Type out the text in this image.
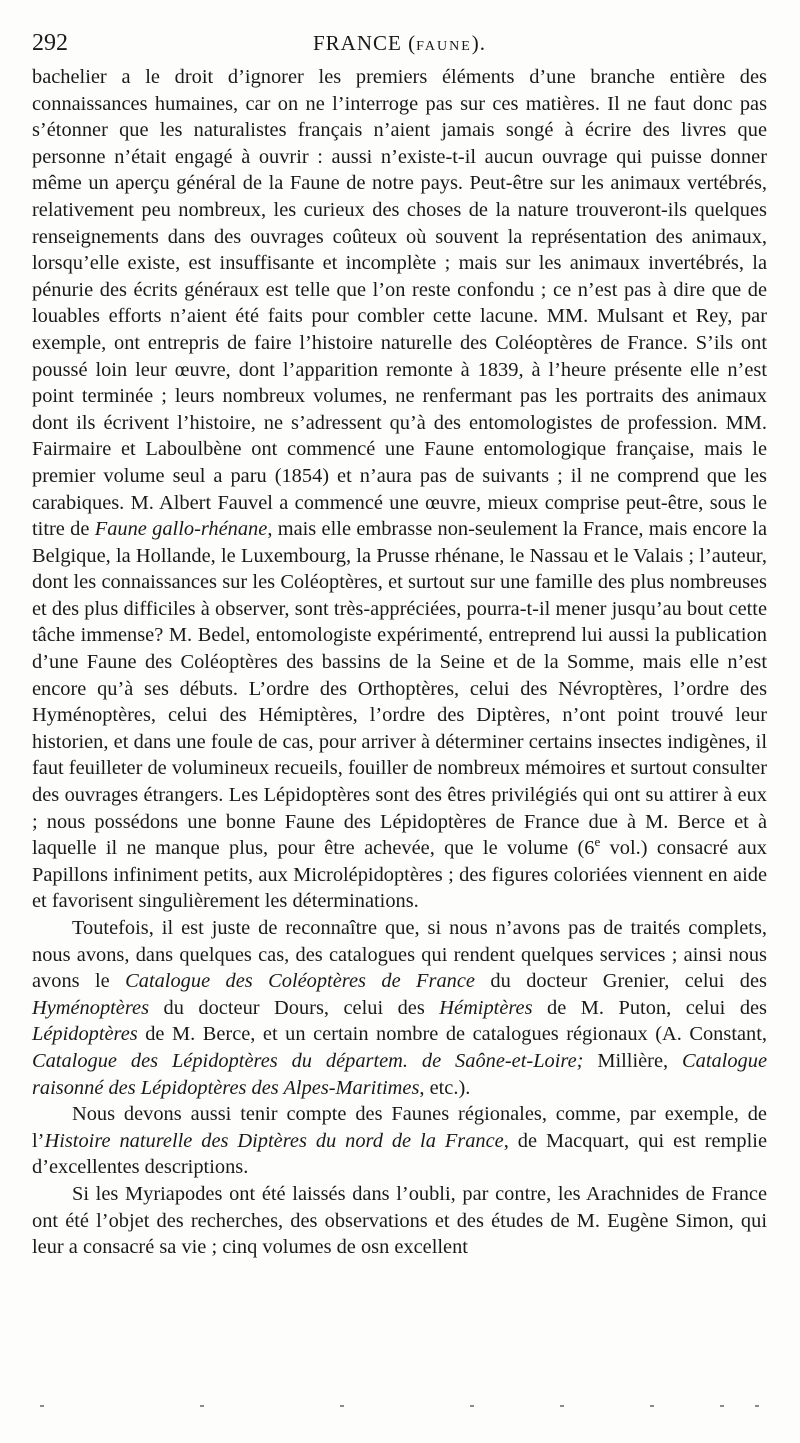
292	FRANCE (FAUNE).

bachelier a le droit d’ignorer les premiers éléments d’une branche entière des connaissances humaines, car on ne l’interroge pas sur ces matières. Il ne faut donc pas s’étonner que les naturalistes français n’aient jamais songé à écrire des livres que personne n’était engagé à ouvrir : aussi n’existe-t-il aucun ouvrage qui puisse donner même un aperçu général de la Faune de notre pays. Peut-être sur les animaux vertébrés, relativement peu nombreux, les curieux des choses de la nature trouveront-ils quelques renseignements dans des ouvrages coûteux où souvent la représentation des animaux, lorsqu’elle existe, est insuffisante et incomplète ; mais sur les animaux invertébrés, la pénurie des écrits généraux est telle que l’on reste confondu ; ce n’est pas à dire que de louables efforts n’aient été faits pour combler cette lacune. MM. Mulsant et Rey, par exemple, ont entrepris de faire l’histoire naturelle des Coléoptères de France. S’ils ont poussé loin leur œuvre, dont l’apparition remonte à 1839, à l’heure présente elle n’est point terminée ; leurs nombreux volumes, ne renfermant pas les portraits des animaux dont ils écrivent l’histoire, ne s’adressent qu’à des entomologistes de profession. MM. Fairmaire et Laboulbène ont commencé une Faune entomologique française, mais le premier volume seul a paru (1854) et n’aura pas de suivants ; il ne comprend que les carabiques. M. Albert Fauvel a commencé une œuvre, mieux comprise peut-être, sous le titre de Faune gallo-rhénane, mais elle embrasse non-seulement la France, mais encore la Belgique, la Hollande, le Luxembourg, la Prusse rhénane, le Nassau et le Valais ; l’auteur, dont les connaissances sur les Coléoptères, et surtout sur une famille des plus nombreuses et des plus difficiles à observer, sont très-appréciées, pourra-t-il mener jusqu’au bout cette tâche immense? M. Bedel, entomologiste expérimenté, entreprend lui aussi la publication d’une Faune des Coléoptères des bassins de la Seine et de la Somme, mais elle n’est encore qu’à ses débuts. L’ordre des Orthoptères, celui des Névroptères, l’ordre des Hyménoptères, celui des Hémiptères, l’ordre des Diptères, n’ont point trouvé leur historien, et dans une foule de cas, pour arriver à déterminer certains insectes indigènes, il faut feuilleter de volumineux recueils, fouiller de nombreux mémoires et surtout consulter des ouvrages étrangers. Les Lépidoptères sont des êtres privilégiés qui ont su attirer à eux ; nous possédons une bonne Faune des Lépidoptères de France due à M. Berce et à laquelle il ne manque plus, pour être achevée, que le volume (6e vol.) consacré aux Papillons infiniment petits, aux Microlépidoptères ; des figures coloriées viennent en aide et favorisent singulièrement les déterminations.

Toutefois, il est juste de reconnaître que, si nous n’avons pas de traités complets, nous avons, dans quelques cas, des catalogues qui rendent quelques services ; ainsi nous avons le Catalogue des Coléoptères de France du docteur Grenier, celui des Hyménoptères du docteur Dours, celui des Hémiptères de M. Puton, celui des Lépidoptères de M. Berce, et un certain nombre de catalogues régionaux (A. Constant, Catalogue des Lépidoptères du départem. de Saône-et-Loire; Millière, Catalogue raisonné des Lépidoptères des Alpes-Maritimes, etc.).

Nous devons aussi tenir compte des Faunes régionales, comme, par exemple, de l’Histoire naturelle des Diptères du nord de la France, de Macquart, qui est remplie d’excellentes descriptions.

Si les Myriapodes ont été laissés dans l’oubli, par contre, les Arachnides de France ont été l’objet des recherches, des observations et des études de M. Eugène Simon, qui leur a consacré sa vie ; cinq volumes de osn excellent
